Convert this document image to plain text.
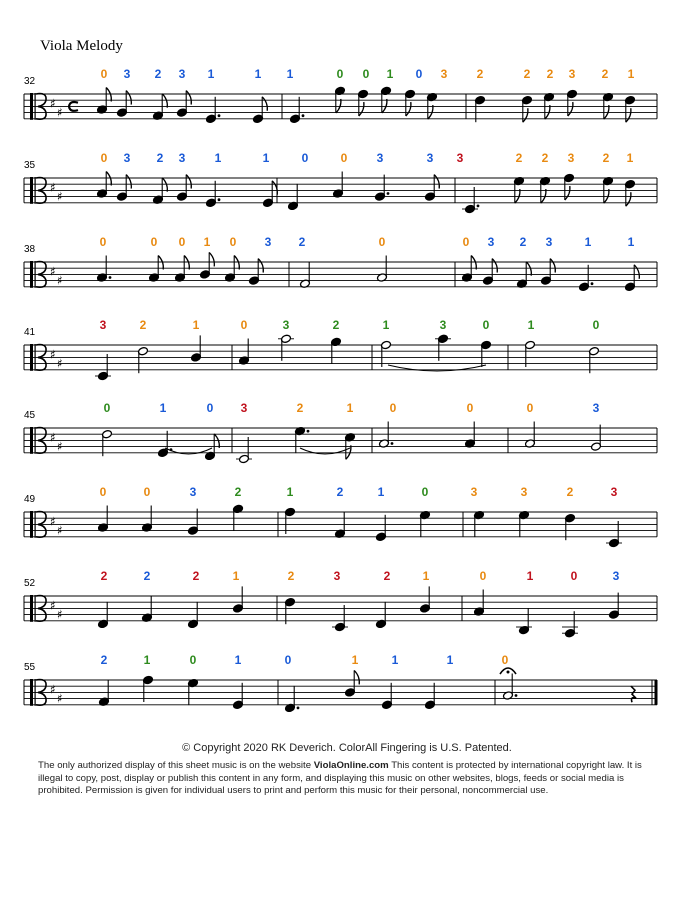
Viola Melody
♯
♯
32
0 3 2 3 1	1 1	0 0 1 0 3 2	2 2 3 2 1
♯
♯
35
0 3 2 3 1	1	0	0 3	3 3	2 2 3 2 1
♯
♯
38
0	0 0 1 0 3 2	0	0 3 2 3	1	1
♯
♯
41
3	2	1	0	3	2	1	3	0	1	0
♯
♯
45
0	1	0 3	2	1	0	0	0	3
♯
♯
49
0	0	3	2	1	2	1	0	3	3	2	3
♯
♯
52
2	2	2	1	2	3	2	1	0	1	0	3
♯
♯
55
2	1	0	1	0	1	1	1	0
© Copyright 2020 RK Deverich. ColorAll Fingering is U.S. Patented.
The only authorized display of this sheet music is on the website ViolaOnline.com This content is protected by international copyright law. It is illegal to copy, post, display or publish this content in any form, and displaying this music on other websites, blogs, feeds or social media is prohibited. Permission is given for individual users to print and perform this music for their personal, noncommercial use.
